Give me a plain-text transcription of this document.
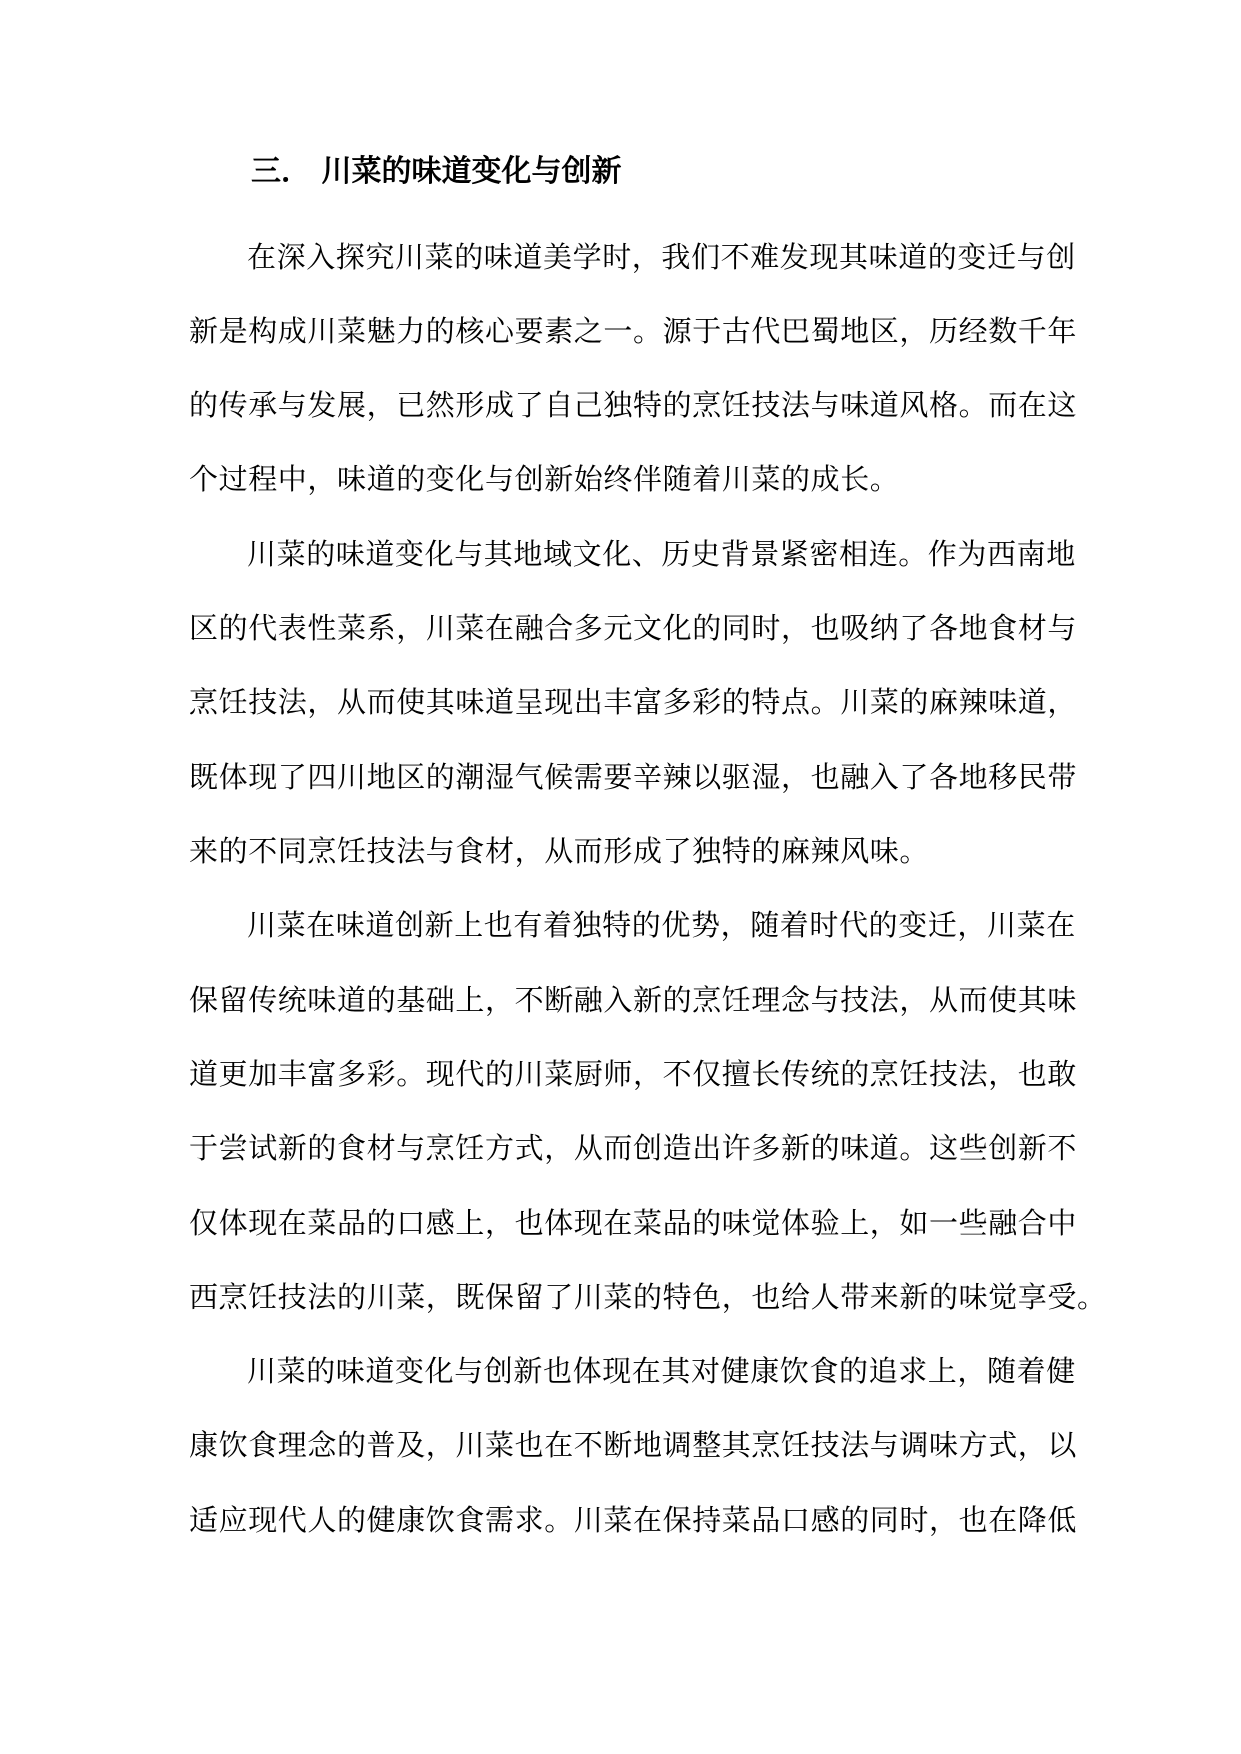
三． 川菜的味道变化与创新
在深入探究川菜的味道美学时，我们不难发现其味道的变迁与创
新是构成川菜魅力的核心要素之一。源于古代巴蜀地区，历经数千年
的传承与发展，已然形成了自己独特的烹饪技法与味道风格。而在这
个过程中，味道的变化与创新始终伴随着川菜的成长。
川菜的味道变化与其地域文化、历史背景紧密相连。作为西南地
区的代表性菜系，川菜在融合多元文化的同时，也吸纳了各地食材与
烹饪技法，从而使其味道呈现出丰富多彩的特点。川菜的麻辣味道，
既体现了四川地区的潮湿气候需要辛辣以驱湿，也融入了各地移民带
来的不同烹饪技法与食材，从而形成了独特的麻辣风味。
川菜在味道创新上也有着独特的优势，随着时代的变迁，川菜在
保留传统味道的基础上，不断融入新的烹饪理念与技法，从而使其味
道更加丰富多彩。现代的川菜厨师，不仅擅长传统的烹饪技法，也敢
于尝试新的食材与烹饪方式，从而创造出许多新的味道。这些创新不
仅体现在菜品的口感上，也体现在菜品的味觉体验上，如一些融合中
西烹饪技法的川菜，既保留了川菜的特色，也给人带来新的味觉享受。
川菜的味道变化与创新也体现在其对健康饮食的追求上，随着健
康饮食理念的普及，川菜也在不断地调整其烹饪技法与调味方式，以
适应现代人的健康饮食需求。川菜在保持菜品口感的同时，也在降低
